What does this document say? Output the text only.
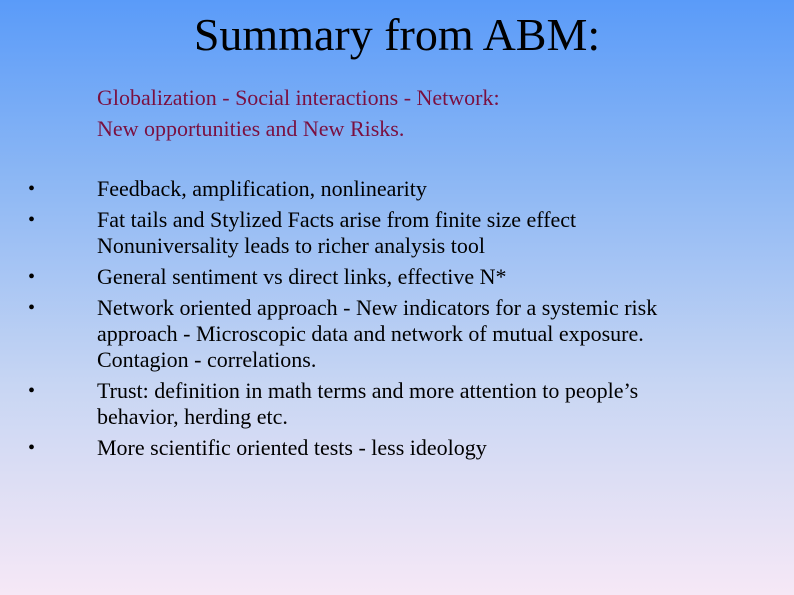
Summary from ABM:
Globalization - Social interactions - Network:
New opportunities and New Risks.
•	Feedback, amplification, nonlinearity
•	Fat tails and Stylized Facts arise from finite size effect
Nonuniversality leads to richer analysis tool
•	General sentiment vs direct links, effective N*
•	Network oriented approach - New indicators for a systemic risk
approach - Microscopic data and network of mutual exposure.
Contagion - correlations.
•	Trust: definition in math terms and more attention to people’s
behavior, herding etc.
•	More scientific oriented tests - less ideology
